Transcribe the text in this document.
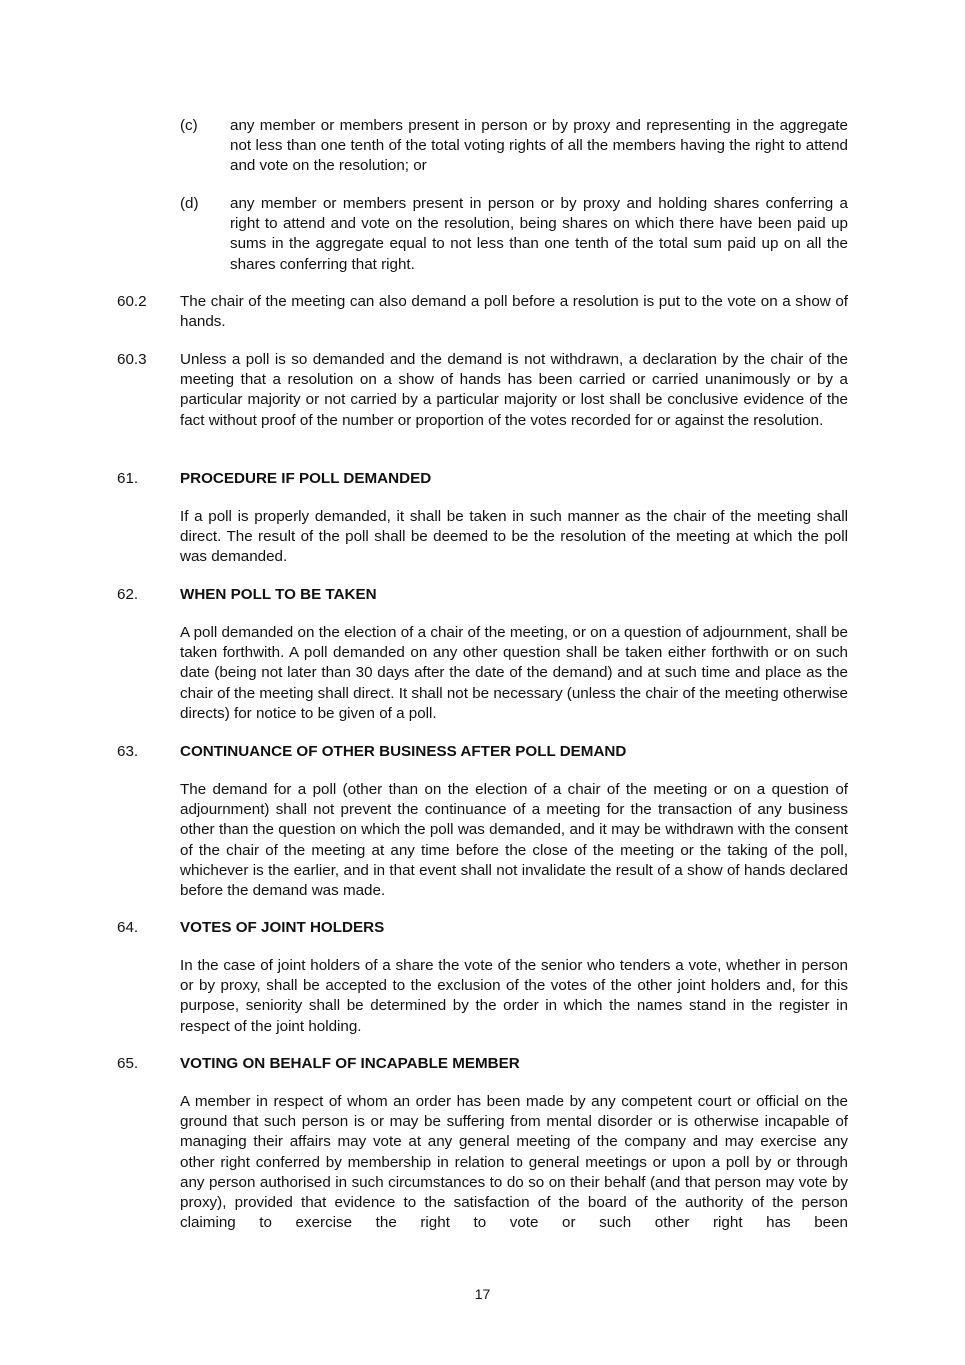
(c)	any member or members present in person or by proxy and representing in the aggregate not less than one tenth of the total voting rights of all the members having the right to attend and vote on the resolution; or
(d)	any member or members present in person or by proxy and holding shares conferring a right to attend and vote on the resolution, being shares on which there have been paid up sums in the aggregate equal to not less than one tenth of the total sum paid up on all the shares conferring that right.
60.2	The chair of the meeting can also demand a poll before a resolution is put to the vote on a show of hands.
60.3	Unless a poll is so demanded and the demand is not withdrawn, a declaration by the chair of the meeting that a resolution on a show of hands has been carried or carried unanimously or by a particular majority or not carried by a particular majority or lost shall be conclusive evidence of the fact without proof of the number or proportion of the votes recorded for or against the resolution.
61.	PROCEDURE IF POLL DEMANDED
If a poll is properly demanded, it shall be taken in such manner as the chair of the meeting shall direct. The result of the poll shall be deemed to be the resolution of the meeting at which the poll was demanded.
62.	WHEN POLL TO BE TAKEN
A poll demanded on the election of a chair of the meeting, or on a question of adjournment, shall be taken forthwith. A poll demanded on any other question shall be taken either forthwith or on such date (being not later than 30 days after the date of the demand) and at such time and place as the chair of the meeting shall direct. It shall not be necessary (unless the chair of the meeting otherwise directs) for notice to be given of a poll.
63.	CONTINUANCE OF OTHER BUSINESS AFTER POLL DEMAND
The demand for a poll (other than on the election of a chair of the meeting or on a question of adjournment) shall not prevent the continuance of a meeting for the transaction of any business other than the question on which the poll was demanded, and it may be withdrawn with the consent of the chair of the meeting at any time before the close of the meeting or the taking of the poll, whichever is the earlier, and in that event shall not invalidate the result of a show of hands declared before the demand was made.
64.	VOTES OF JOINT HOLDERS
In the case of joint holders of a share the vote of the senior who tenders a vote, whether in person or by proxy, shall be accepted to the exclusion of the votes of the other joint holders and, for this purpose, seniority shall be determined by the order in which the names stand in the register in respect of the joint holding.
65.	VOTING ON BEHALF OF INCAPABLE MEMBER
A member in respect of whom an order has been made by any competent court or official on the ground that such person is or may be suffering from mental disorder or is otherwise incapable of managing their affairs may vote at any general meeting of the company and may exercise any other right conferred by membership in relation to general meetings or upon a poll by or through any person authorised in such circumstances to do so on their behalf (and that person may vote by proxy), provided that evidence to the satisfaction of the board of the authority of the person claiming to exercise the right to vote or such other right has been
17
